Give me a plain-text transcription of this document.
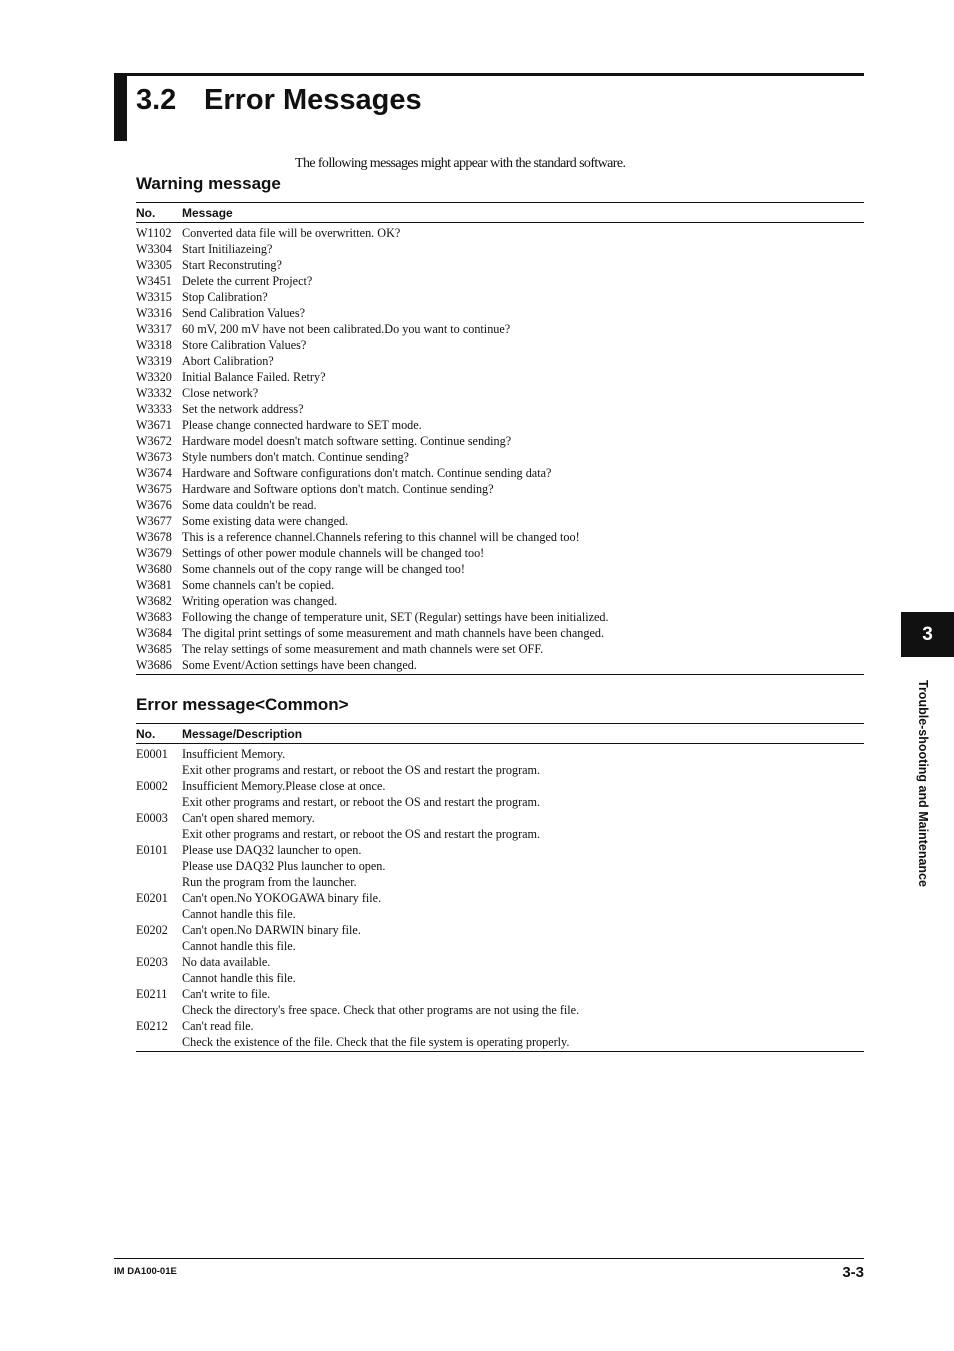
3.2 Error Messages
The following messages might appear with the standard software.
Warning message
No. Message
W1102 Converted data file will be overwritten. OK?
W3304 Start Initiliazeing?
W3305 Start Reconstruting?
W3451 Delete the current Project?
W3315 Stop Calibration?
W3316 Send Calibration Values?
W3317 60 mV, 200 mV have not been calibrated.Do you want to continue?
W3318 Store Calibration Values?
W3319 Abort Calibration?
W3320 Initial Balance Failed. Retry?
W3332 Close network?
W3333 Set the network address?
W3671 Please change connected hardware to SET mode.
W3672 Hardware model doesn't match software setting. Continue sending?
W3673 Style numbers don't match. Continue sending?
W3674 Hardware and Software configurations don't match. Continue sending data?
W3675 Hardware and Software options don't match. Continue sending?
W3676 Some data couldn't be read.
W3677 Some existing data were changed.
W3678 This is a reference channel.Channels refering to this channel will be changed too!
W3679 Settings of other power module channels will be changed too!
W3680 Some channels out of the copy range will be changed too!
W3681 Some channels can't be copied.
W3682 Writing operation was changed.
W3683 Following the change of temperature unit, SET (Regular) settings have been initialized.
W3684 The digital print settings of some measurement and math channels have been changed.
W3685 The relay settings of some measurement and math channels were set OFF.
W3686 Some Event/Action settings have been changed.
Error message<Common>
No. Message/Description
E0001 Insufficient Memory.
Exit other programs and restart, or reboot the OS and restart the program.
E0002 Insufficient Memory.Please close at once.
Exit other programs and restart, or reboot the OS and restart the program.
E0003 Can't open shared memory.
Exit other programs and restart, or reboot the OS and restart the program.
E0101 Please use DAQ32 launcher to open.
Please use DAQ32 Plus launcher to open.
Run the program from the launcher.
E0201 Can't open.No YOKOGAWA binary file.
Cannot handle this file.
E0202 Can't open.No DARWIN binary file.
Cannot handle this file.
E0203 No data available.
Cannot handle this file.
E0211 Can't write to file.
Check the directory's free space. Check that other programs are not using the file.
E0212 Can't read file.
Check the existence of the file. Check that the file system is operating properly.
3
Trouble-shooting and Maintenance
IM DA100-01E	3-3
